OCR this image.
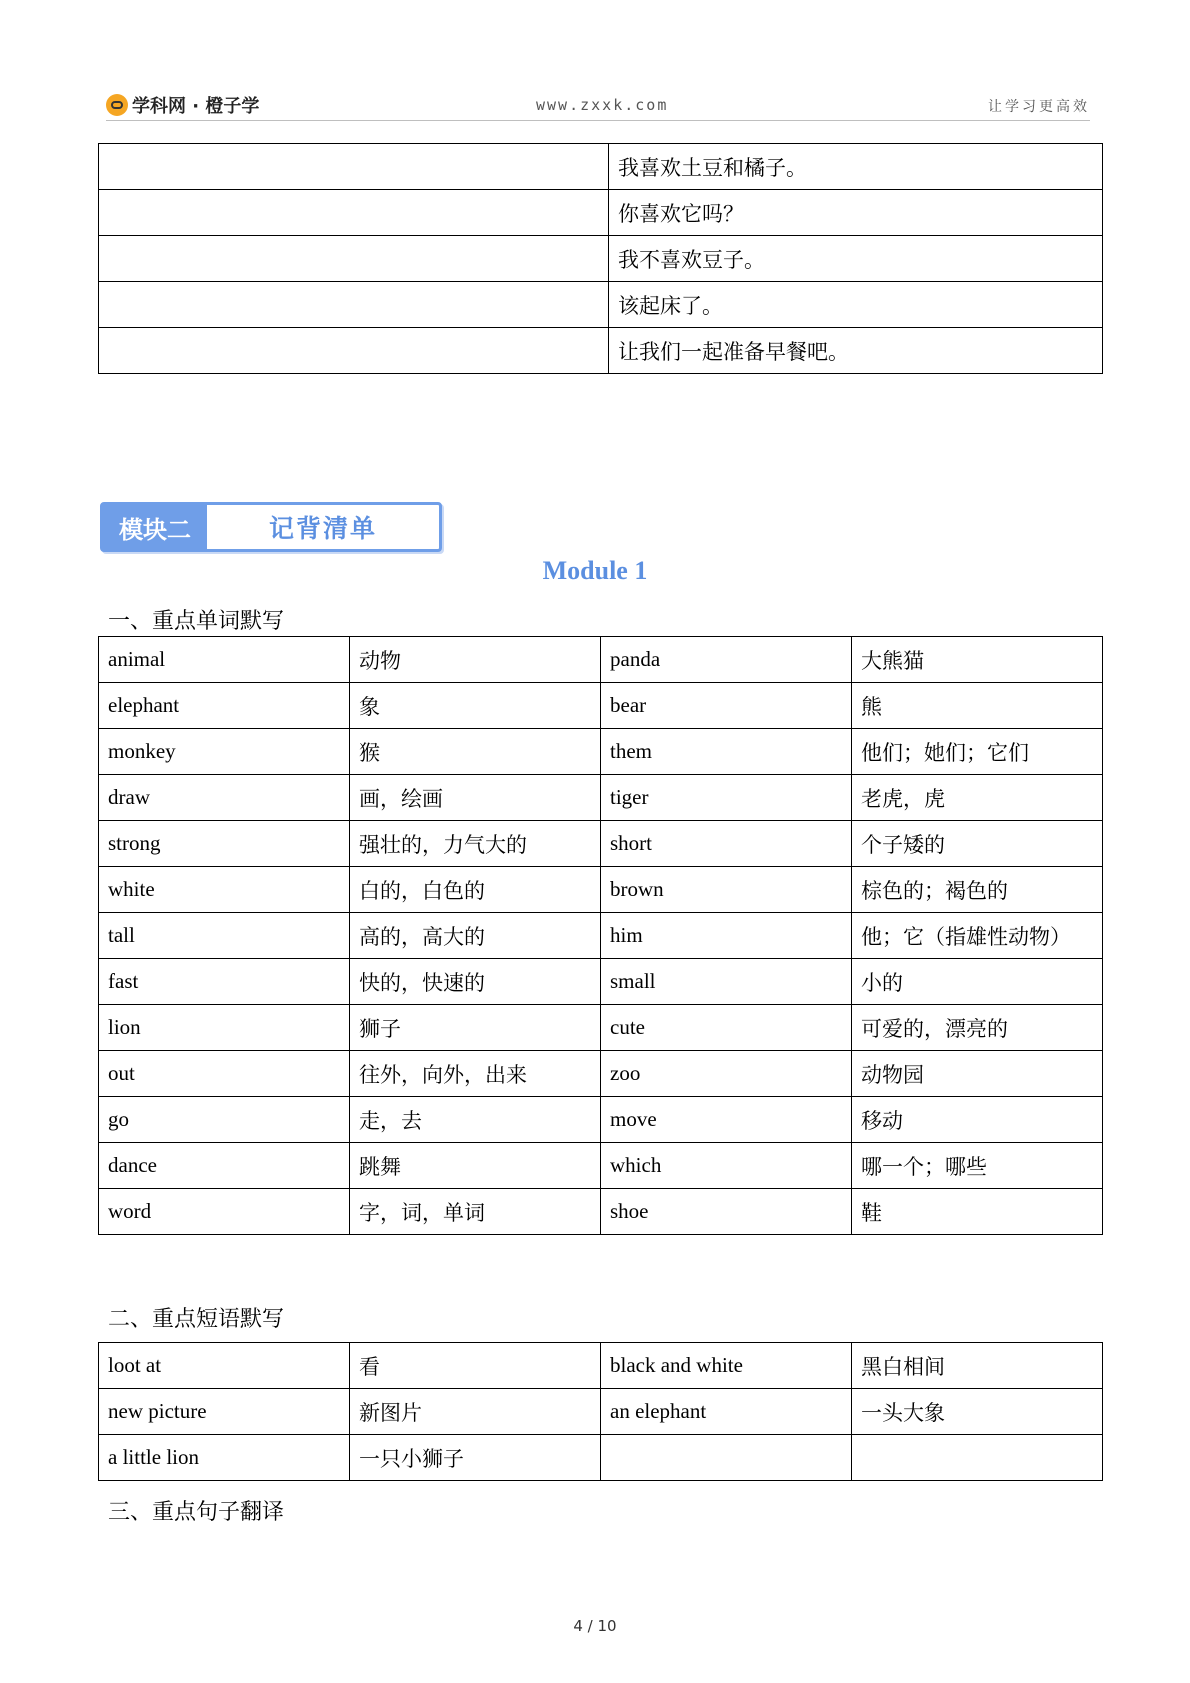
学科网 · 橙子学	www.zxxk.com	让学习更高效
	我喜欢土豆和橘子。
	你喜欢它吗？
	我不喜欢豆子。
	该起床了。
	让我们一起准备早餐吧。
模块二	记背清单
Module 1
一、重点单词默写
animal	动物	panda	大熊猫
elephant	象	bear	熊
monkey	猴	them	他们；她们；它们
draw	画，绘画	tiger	老虎，虎
strong	强壮的，力气大的	short	个子矮的
white	白的，白色的	brown	棕色的；褐色的
tall	高的，高大的	him	他；它（指雄性动物）
fast	快的，快速的	small	小的
lion	狮子	cute	可爱的，漂亮的
out	往外，向外，出来	zoo	动物园
go	走，去	move	移动
dance	跳舞	which	哪一个；哪些
word	字，词，单词	shoe	鞋
二、重点短语默写
loot at	看	black and white	黑白相间
new picture	新图片	an elephant	一头大象
a little lion	一只小狮子		
三、重点句子翻译
4 / 10
